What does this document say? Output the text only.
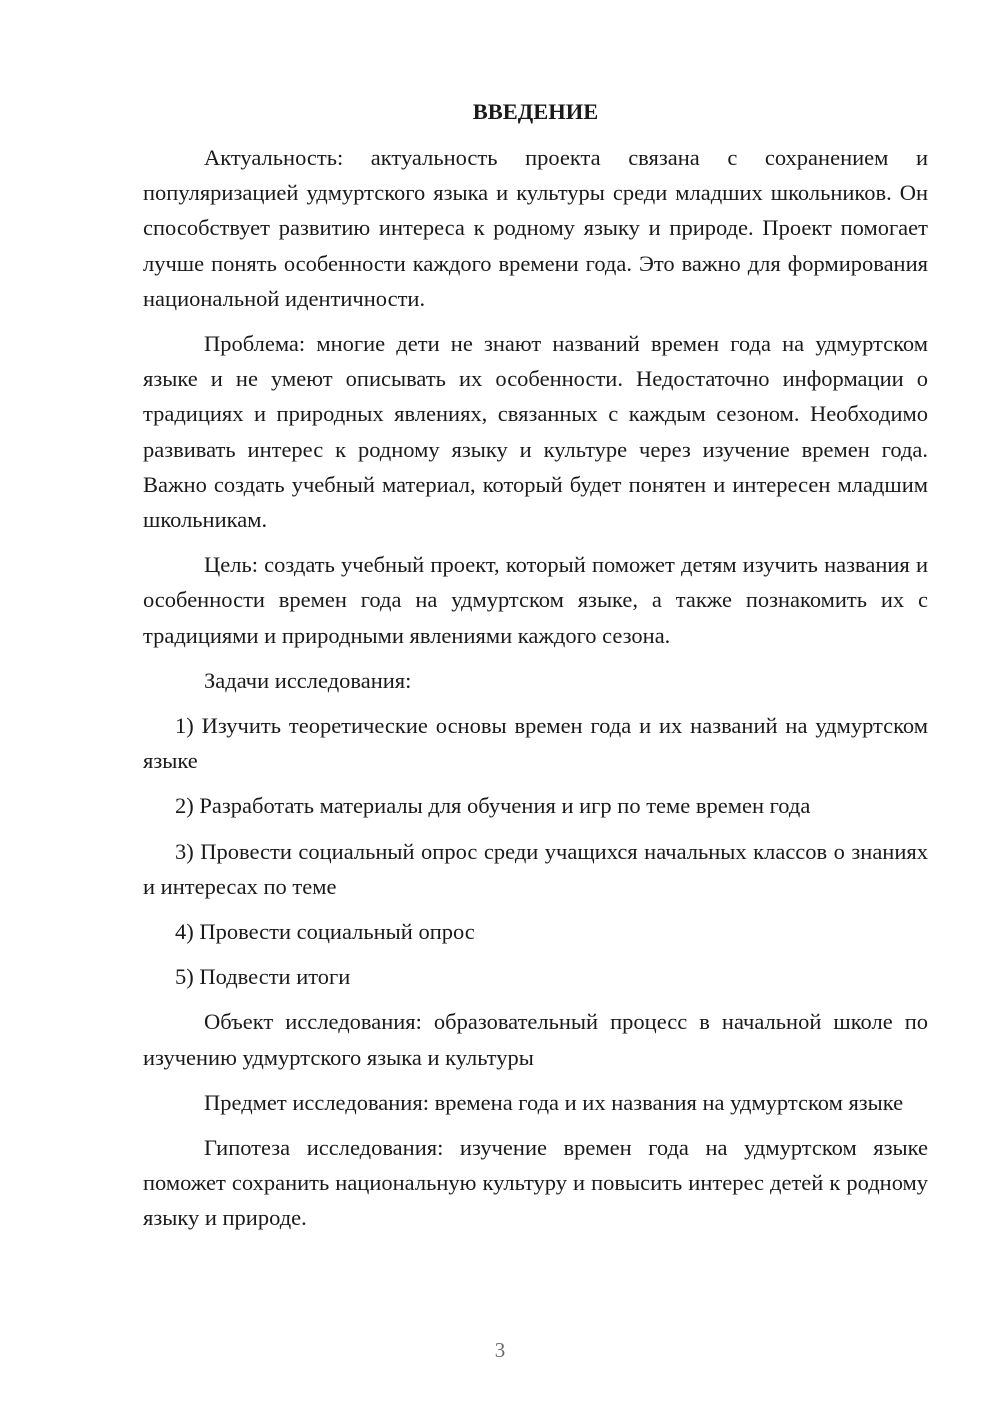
ВВЕДЕНИЕ

Актуальность: актуальность проекта связана с сохранением и популяризацией удмуртского языка и культуры среди младших школьников. Он способствует развитию интереса к родному языку и природе. Проект помогает лучше понять особенности каждого времени года. Это важно для формирования национальной идентичности.

Проблема: многие дети не знают названий времен года на удмуртском языке и не умеют описывать их особенности. Недостаточно информации о традициях и природных явлениях, связанных с каждым сезоном. Необходимо развивать интерес к родному языку и культуре через изучение времен года. Важно создать учебный материал, который будет понятен и интересен младшим школьникам.

Цель: создать учебный проект, который поможет детям изучить названия и особенности времен года на удмуртском языке, а также познакомить их с традициями и природными явлениями каждого сезона.

Задачи исследования:

1) Изучить теоретические основы времен года и их названий на удмуртском языке

2) Разработать материалы для обучения и игр по теме времен года

3) Провести социальный опрос среди учащихся начальных классов о знаниях и интересах по теме

4) Провести социальный опрос

5) Подвести итоги

Объект исследования: образовательный процесс в начальной школе по изучению удмуртского языка и культуры

Предмет исследования: времена года и их названия на удмуртском языке

Гипотеза исследования: изучение времен года на удмуртском языке поможет сохранить национальную культуру и повысить интерес детей к родному языку и природе.

3
